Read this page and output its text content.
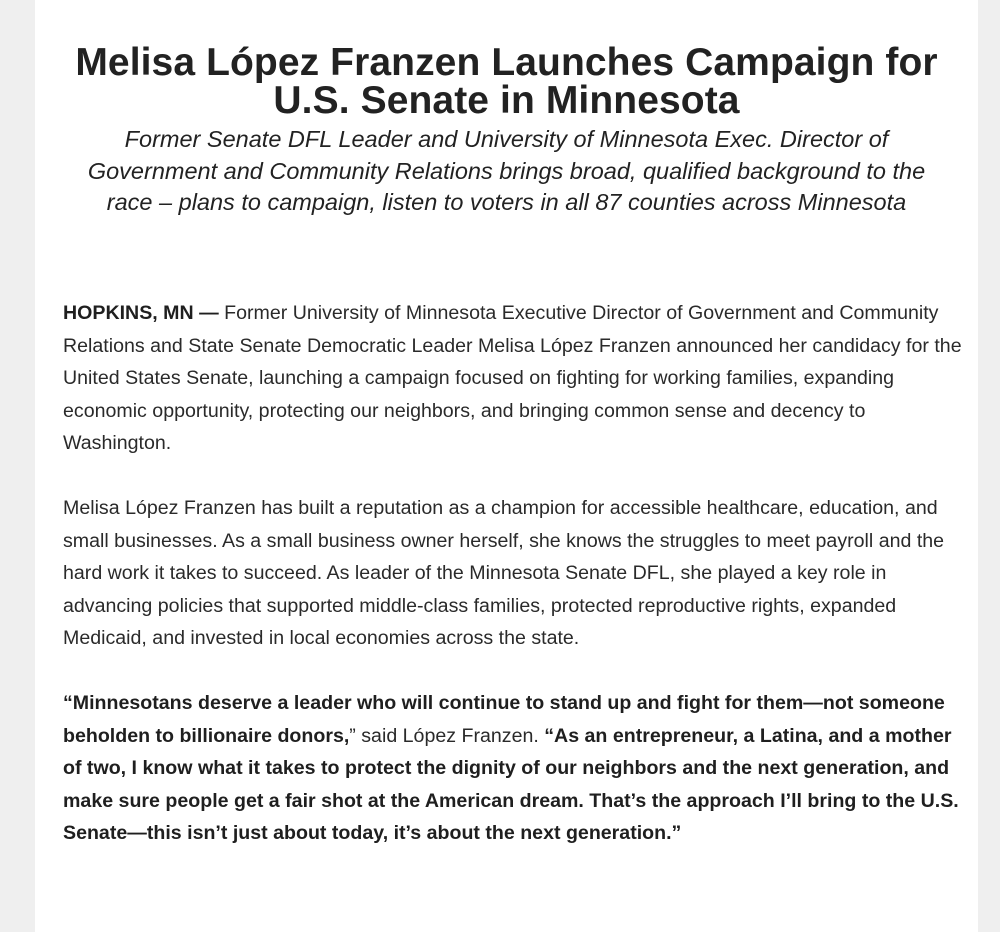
Melisa López Franzen Launches Campaign for U.S. Senate in Minnesota
Former Senate DFL Leader and University of Minnesota Exec. Director of Government and Community Relations brings broad, qualified background to the race – plans to campaign, listen to voters in all 87 counties across Minnesota

HOPKINS, MN — Former University of Minnesota Executive Director of Government and Community Relations and State Senate Democratic Leader Melisa López Franzen announced her candidacy for the United States Senate, launching a campaign focused on fighting for working families, expanding economic opportunity, protecting our neighbors, and bringing common sense and decency to Washington.

Melisa López Franzen has built a reputation as a champion for accessible healthcare, education, and small businesses. As a small business owner herself, she knows the struggles to meet payroll and the hard work it takes to succeed. As leader of the Minnesota Senate DFL, she played a key role in advancing policies that supported middle-class families, protected reproductive rights, expanded Medicaid, and invested in local economies across the state.

“Minnesotans deserve a leader who will continue to stand up and fight for them—not someone beholden to billionaire donors,” said López Franzen. “As an entrepreneur, a Latina, and a mother of two, I know what it takes to protect the dignity of our neighbors and the next generation, and make sure people get a fair shot at the American dream. That’s the approach I’ll bring to the U.S. Senate—this isn’t just about today, it’s about the next generation.”
